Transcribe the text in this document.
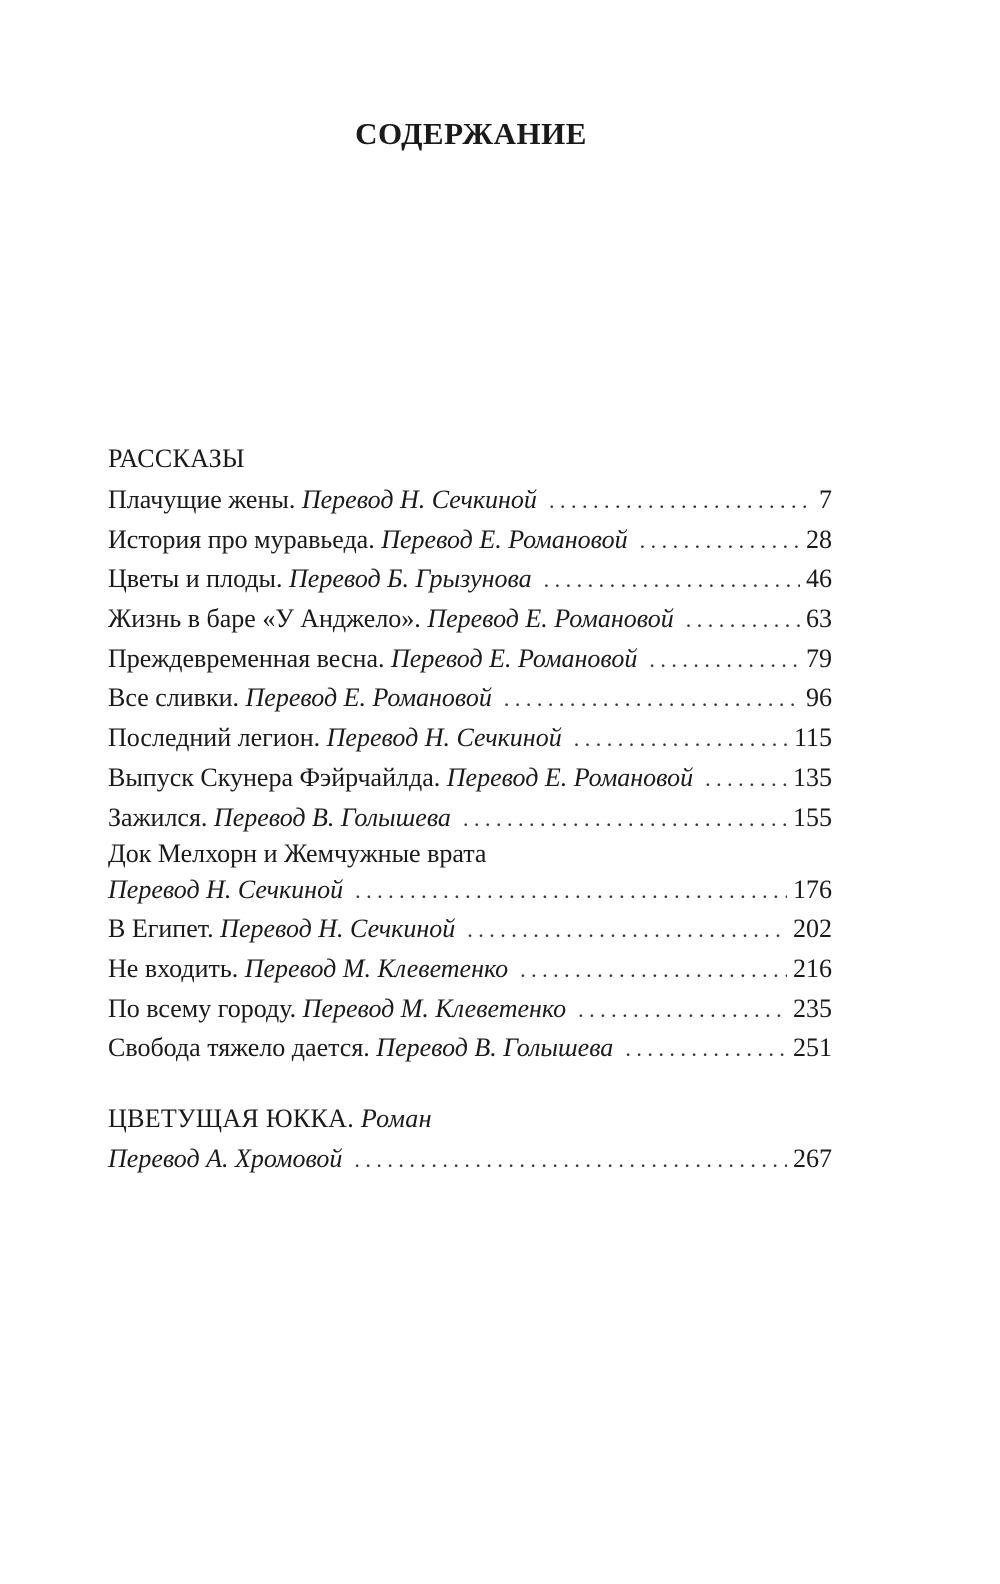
СОДЕРЖАНИЕ
РАССКАЗЫ
Плачущие жены. Перевод Н. Сечкиной . . .	7
История про муравьеда. Перевод Е. Романовой . . .	28
Цветы и плоды. Перевод Б. Грызунова . . .	46
Жизнь в баре «У Анджело». Перевод Е. Романовой . . .	63
Преждевременная весна. Перевод Е. Романовой . . .	79
Все сливки. Перевод Е. Романовой . . .	96
Последний легион. Перевод Н. Сечкиной . . .	115
Выпуск Скунера Фэйрчайлда. Перевод Е. Романовой . . .	135
Зажился. Перевод В. Голышева . . .	155
Док Мелхорн и Жемчужные врата
Перевод Н. Сечкиной . . .	176
В Египет. Перевод Н. Сечкиной . . .	202
Не входить. Перевод М. Клеветенко . . .	216
По всему городу. Перевод М. Клеветенко . . .	235
Свобода тяжело дается. Перевод В. Голышева . . .	251
ЦВЕТУЩАЯ ЮККА. Роман
Перевод А. Хромовой . . .	267
